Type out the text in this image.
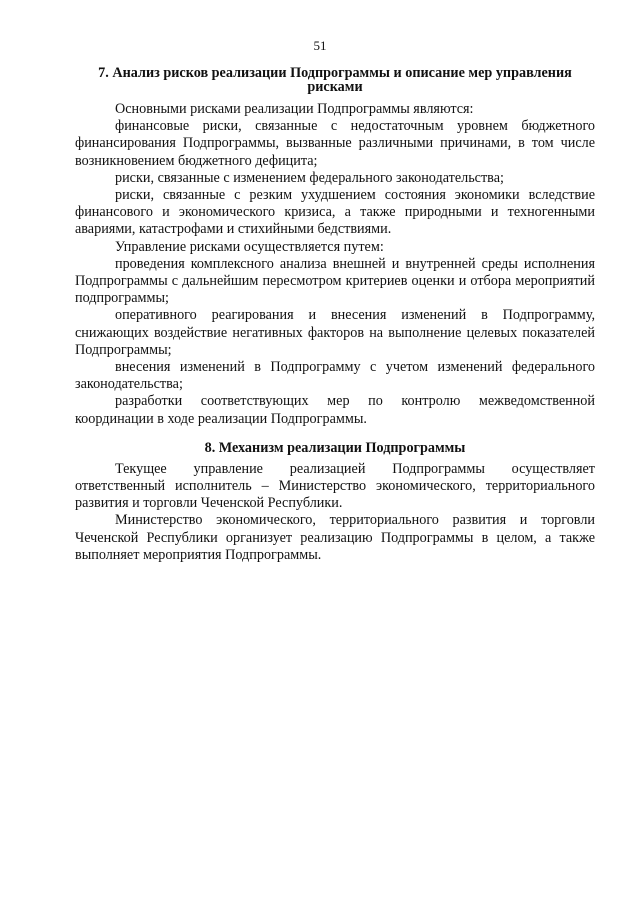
51
7. Анализ рисков реализации Подпрограммы и описание мер управления рисками

Основными рисками реализации Подпрограммы являются:

финансовые риски, связанные с недостаточным уровнем бюджетного финансирования Подпрограммы, вызванные различными причинами, в том числе возникновением бюджетного дефицита;

риски, связанные с изменением федерального законодательства;

риски, связанные с резким ухудшением состояния экономики вследствие финансового и экономического кризиса, а также природными и техногенными авариями, катастрофами и стихийными бедствиями.

Управление рисками осуществляется путем:

проведения комплексного анализа внешней и внутренней среды исполнения Подпрограммы с дальнейшим пересмотром критериев оценки и отбора мероприятий подпрограммы;

оперативного реагирования и внесения изменений в Подпрограмму, снижающих воздействие негативных факторов на выполнение целевых показателей Подпрограммы;

внесения изменений в Подпрограмму с учетом изменений федерального законодательства;

разработки соответствующих мер по контролю межведомственной координации в ходе реализации Подпрограммы.

8. Механизм реализации Подпрограммы

Текущее управление реализацией Подпрограммы осуществляет ответственный исполнитель – Министерство экономического, территориального развития и торговли Чеченской Республики.

Министерство экономического, территориального развития и торговли Чеченской Республики организует реализацию Подпрограммы в целом, а также выполняет мероприятия Подпрограммы.
